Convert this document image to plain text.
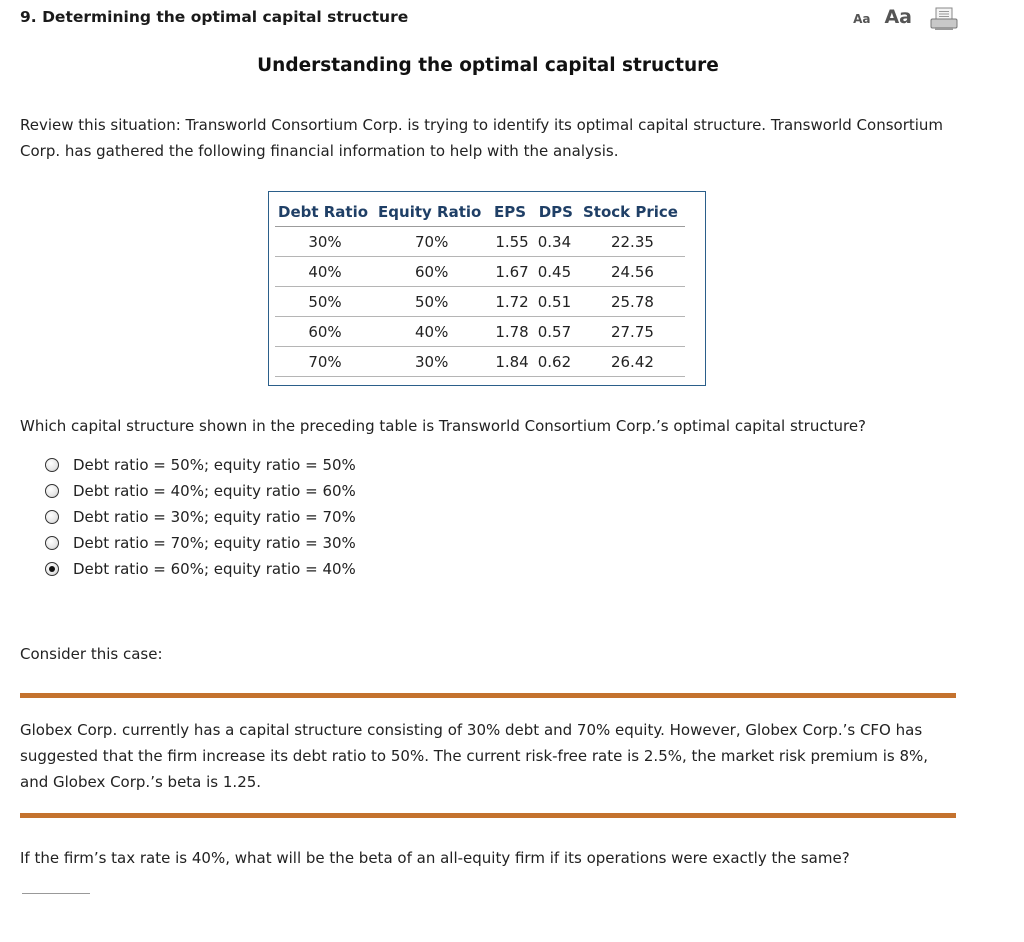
9. Determining the optimal capital structure	Aa Aa
Understanding the optimal capital structure
Review this situation: Transworld Consortium Corp. is trying to identify its optimal capital structure. Transworld Consortium Corp. has gathered the following financial information to help with the analysis.
Debt Ratio	Equity Ratio	EPS	DPS	Stock Price
30%	70%	1.55	0.34	22.35
40%	60%	1.67	0.45	24.56
50%	50%	1.72	0.51	25.78
60%	40%	1.78	0.57	27.75
70%	30%	1.84	0.62	26.42
Which capital structure shown in the preceding table is Transworld Consortium Corp.’s optimal capital structure?
Debt ratio = 50%; equity ratio = 50%
Debt ratio = 40%; equity ratio = 60%
Debt ratio = 30%; equity ratio = 70%
Debt ratio = 70%; equity ratio = 30%
Debt ratio = 60%; equity ratio = 40%
Consider this case:
Globex Corp. currently has a capital structure consisting of 30% debt and 70% equity. However, Globex Corp.’s CFO has suggested that the firm increase its debt ratio to 50%. The current risk-free rate is 2.5%, the market risk premium is 8%, and Globex Corp.’s beta is 1.25.
If the firm’s tax rate is 40%, what will be the beta of an all-equity firm if its operations were exactly the same?
